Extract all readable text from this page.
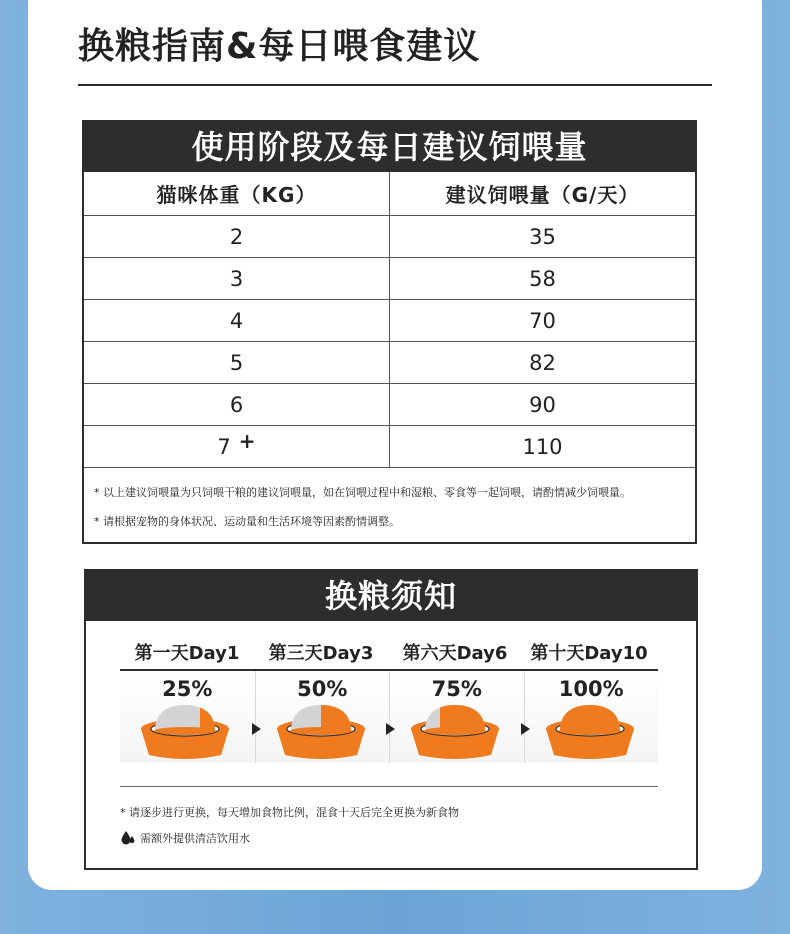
换粮指南&每日喂食建议
使用阶段及每日建议饲喂量
猫咪体重（KG）	建议饲喂量（G/天）
2	35
3	58
4	70
5	82
6	90
7 +	110
* 以上建议饲喂量为只饲喂干粮的建议饲喂量，如在饲喂过程中和湿粮、零食等一起饲喂，请酌情减少饲喂量。
* 请根据宠物的身体状况、运动量和生活环境等因素酌情调整。
换粮须知
第一天Day1	第三天Day3	第六天Day6	第十天Day10
25%	50%	75%	100%
* 请逐步进行更换，每天增加食物比例，混食十天后完全更换为新食物
需额外提供清洁饮用水
